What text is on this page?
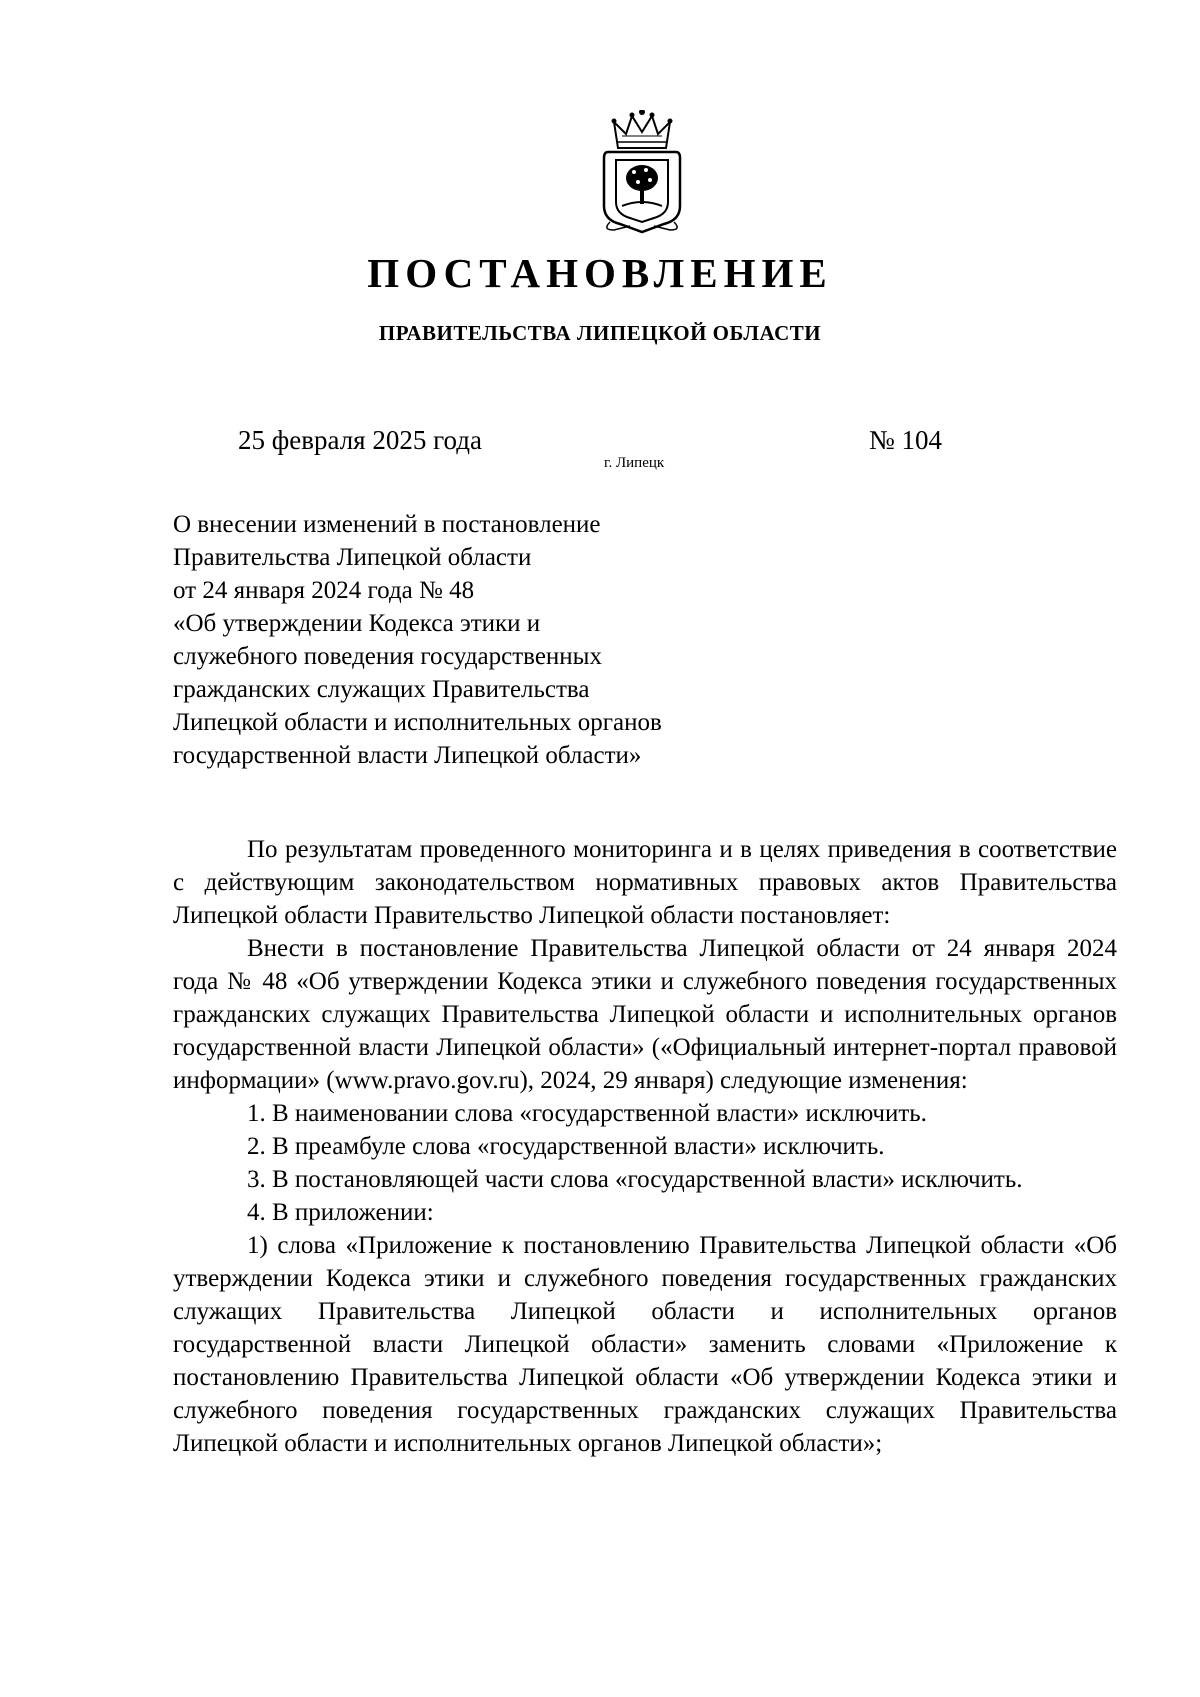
ПОСТАНОВЛЕНИЕ
ПРАВИТЕЛЬСТВА ЛИПЕЦКОЙ ОБЛАСТИ
25 февраля 2025 года
г. Липецк
№ 104
О внесении изменений в постановление
Правительства Липецкой области
от 24 января 2024 года № 48
«Об утверждении Кодекса этики и
служебного поведения государственных
гражданских служащих Правительства
Липецкой области и исполнительных органов
государственной власти Липецкой области»

По результатам проведенного мониторинга и в целях приведения в соответствие с действующим законодательством нормативных правовых актов Правительства Липецкой области Правительство Липецкой области постановляет:

Внести в постановление Правительства Липецкой области от 24 января 2024 года № 48 «Об утверждении Кодекса этики и служебного поведения государственных гражданских служащих Правительства Липецкой области и исполнительных органов государственной власти Липецкой области» («Официальный интернет-портал правовой информации» (www.pravo.gov.ru), 2024, 29 января) следующие изменения:

1. В наименовании слова «государственной власти» исключить.

2. В преамбуле слова «государственной власти» исключить.

3. В постановляющей части слова «государственной власти» исключить.

4. В приложении:

1) слова «Приложение к постановлению Правительства Липецкой области «Об утверждении Кодекса этики и служебного поведения государственных гражданских служащих Правительства Липецкой области и исполнительных органов государственной власти Липецкой области» заменить словами «Приложение к постановлению Правительства Липецкой области «Об утверждении Кодекса этики и служебного поведения государственных гражданских служащих Правительства Липецкой области и исполнительных органов Липецкой области»;
